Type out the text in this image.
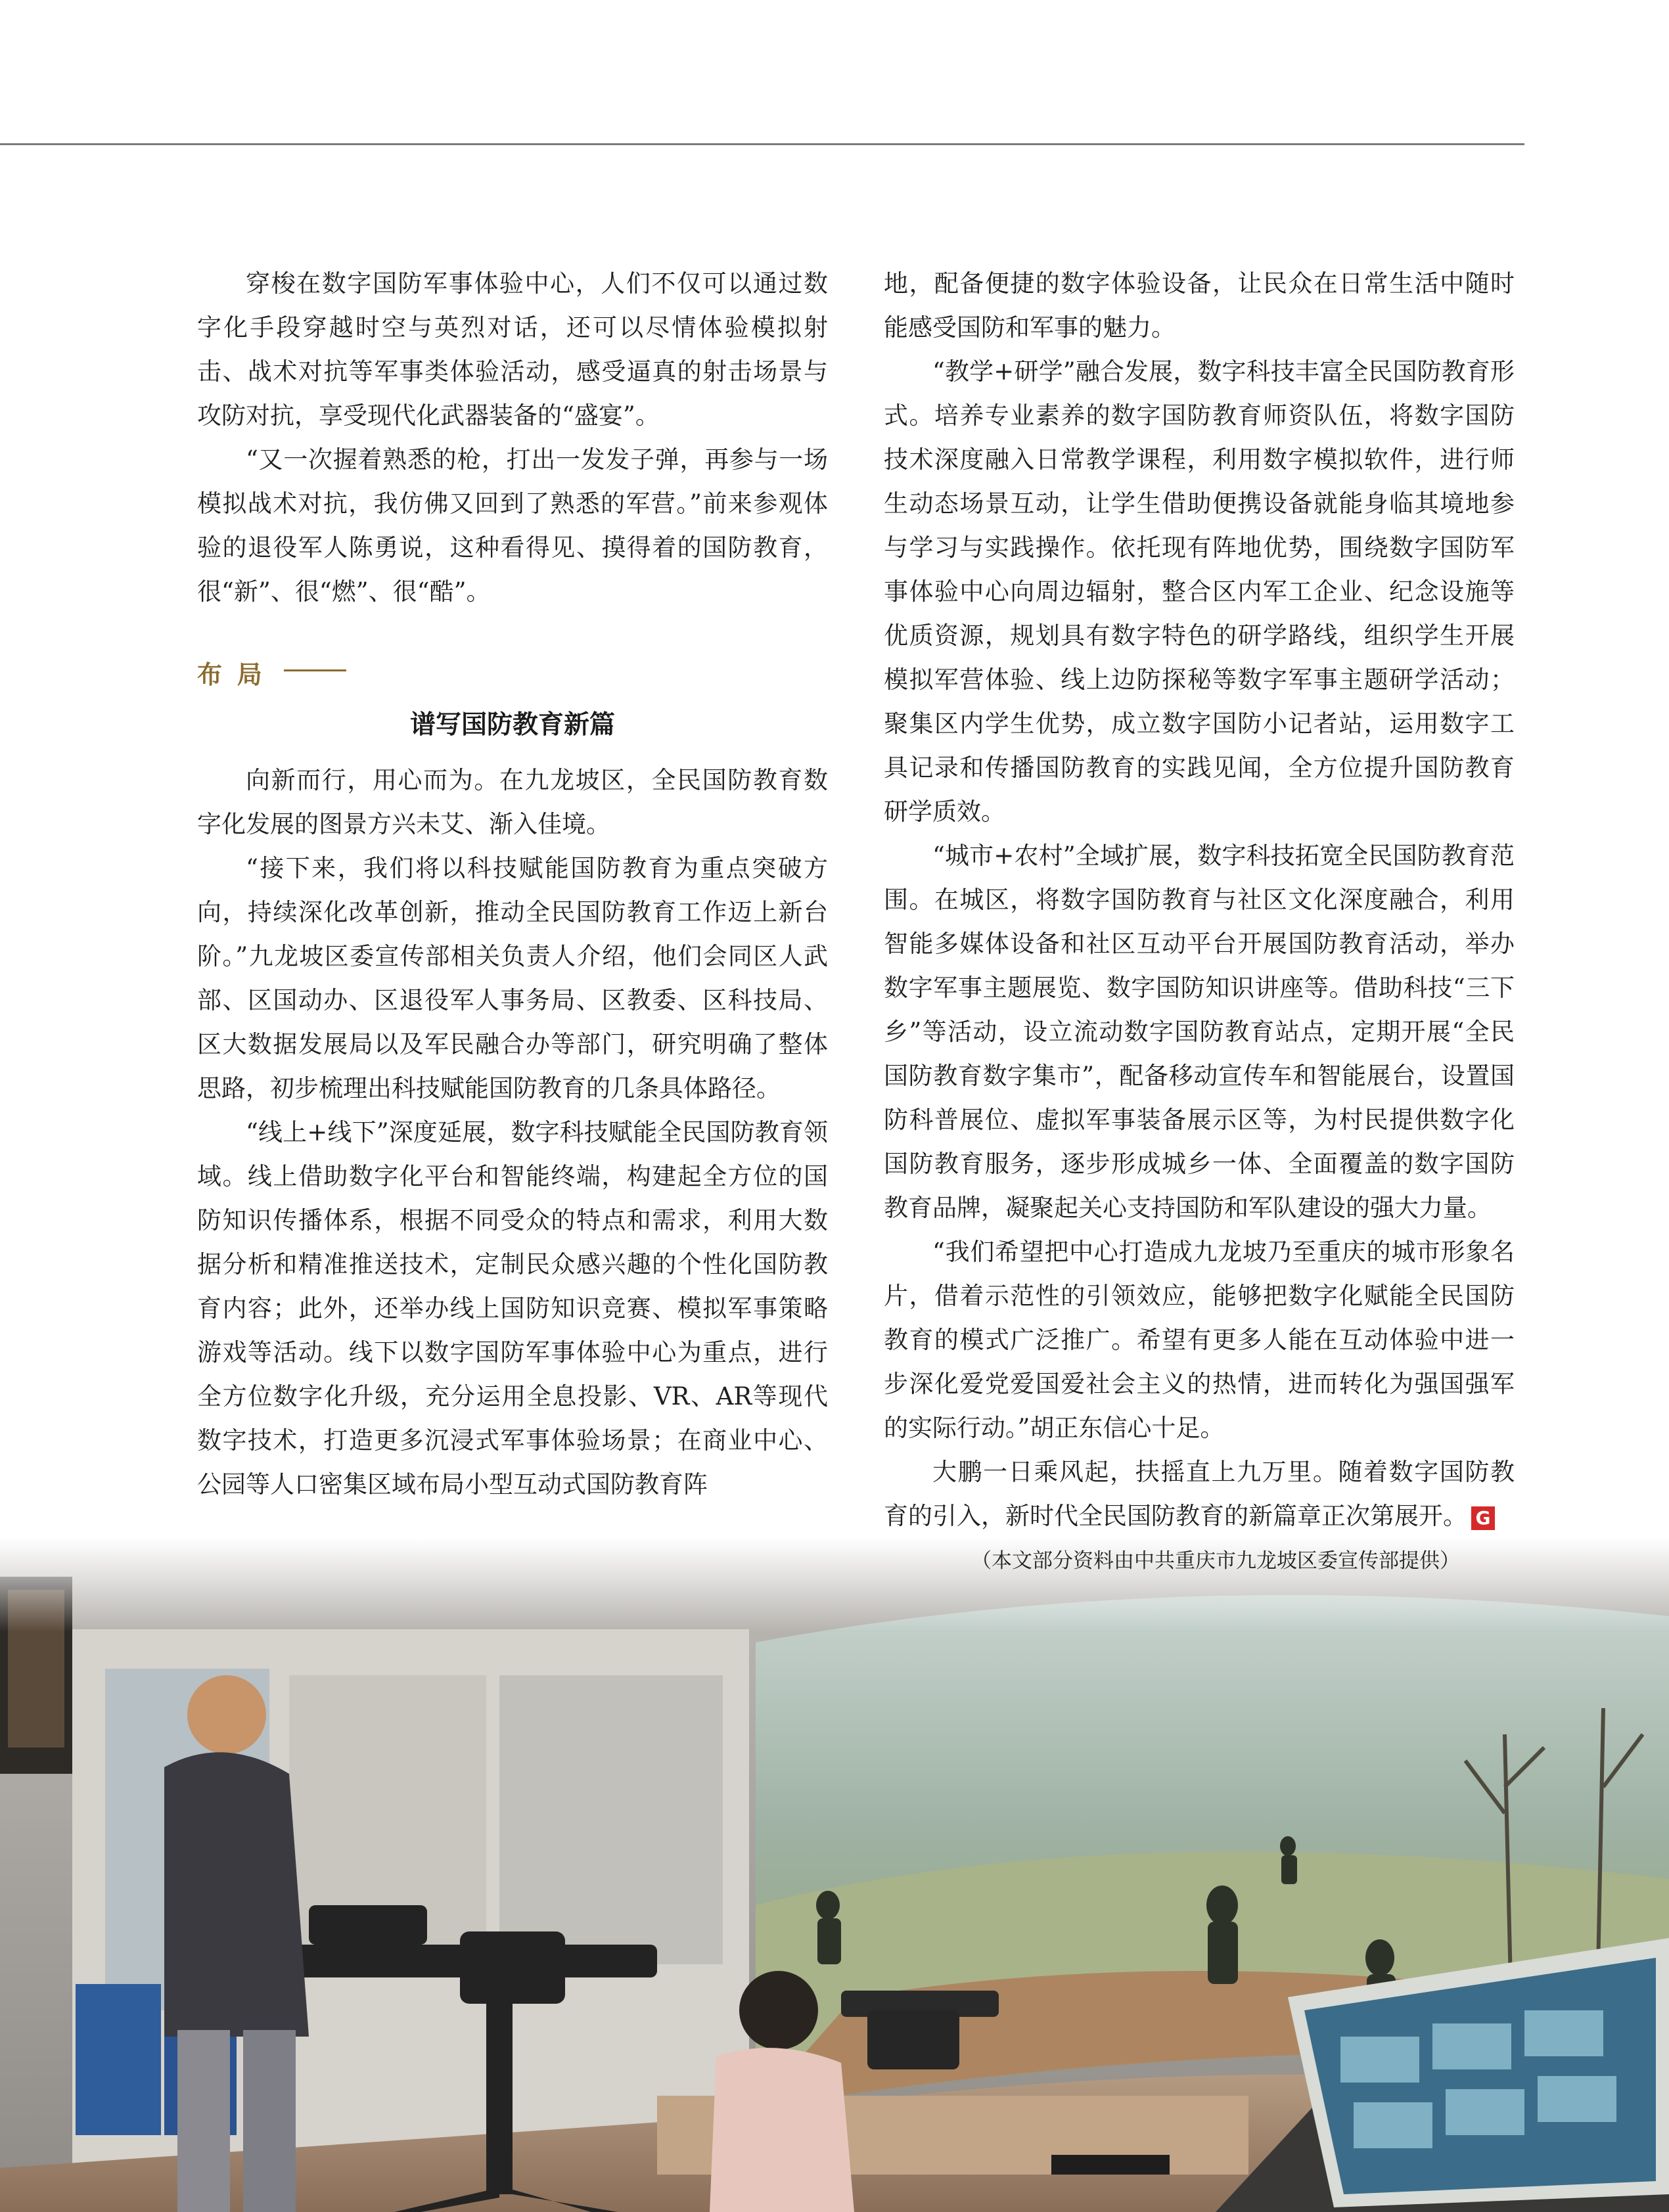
穿梭在数字国防军事体验中心，人们不仅可以通过数字化手段穿越时空与英烈对话，还可以尽情体验模拟射击、战术对抗等军事类体验活动，感受逼真的射击场景与攻防对抗，享受现代化武器装备的“盛宴”。

“又一次握着熟悉的枪，打出一发发子弹，再参与一场模拟战术对抗，我仿佛又回到了熟悉的军营。”前来参观体验的退役军人陈勇说，这种看得见、摸得着的国防教育，很“新”、很“燃”、很“酷”。

布局
谱写国防教育新篇

向新而行，用心而为。在九龙坡区，全民国防教育数字化发展的图景方兴未艾、渐入佳境。

“接下来，我们将以科技赋能国防教育为重点突破方向，持续深化改革创新，推动全民国防教育工作迈上新台阶。”九龙坡区委宣传部相关负责人介绍，他们会同区人武部、区国动办、区退役军人事务局、区教委、区科技局、区大数据发展局以及军民融合办等部门，研究明确了整体思路，初步梳理出科技赋能国防教育的几条具体路径。

“线上+线下”深度延展，数字科技赋能全民国防教育领域。线上借助数字化平台和智能终端，构建起全方位的国防知识传播体系，根据不同受众的特点和需求，利用大数据分析和精准推送技术，定制民众感兴趣的个性化国防教育内容；此外，还举办线上国防知识竞赛、模拟军事策略游戏等活动。线下以数字国防军事体验中心为重点，进行全方位数字化升级，充分运用全息投影、VR、AR等现代数字技术，打造更多沉浸式军事体验场景；在商业中心、公园等人口密集区域布局小型互动式国防教育阵

地，配备便捷的数字体验设备，让民众在日常生活中随时能感受国防和军事的魅力。

“教学+研学”融合发展，数字科技丰富全民国防教育形式。培养专业素养的数字国防教育师资队伍，将数字国防技术深度融入日常教学课程，利用数字模拟软件，进行师生动态场景互动，让学生借助便携设备就能身临其境地参与学习与实践操作。依托现有阵地优势，围绕数字国防军事体验中心向周边辐射，整合区内军工企业、纪念设施等优质资源，规划具有数字特色的研学路线，组织学生开展模拟军营体验、线上边防探秘等数字军事主题研学活动；聚集区内学生优势，成立数字国防小记者站，运用数字工具记录和传播国防教育的实践见闻，全方位提升国防教育研学质效。

“城市+农村”全域扩展，数字科技拓宽全民国防教育范围。在城区，将数字国防教育与社区文化深度融合，利用智能多媒体设备和社区互动平台开展国防教育活动，举办数字军事主题展览、数字国防知识讲座等。借助科技“三下乡”等活动，设立流动数字国防教育站点，定期开展“全民国防教育数字集市”，配备移动宣传车和智能展台，设置国防科普展位、虚拟军事装备展示区等，为村民提供数字化国防教育服务，逐步形成城乡一体、全面覆盖的数字国防教育品牌，凝聚起关心支持国防和军队建设的强大力量。

“我们希望把中心打造成九龙坡乃至重庆的城市形象名片，借着示范性的引领效应，能够把数字化赋能全民国防教育的模式广泛推广。希望有更多人能在互动体验中进一步深化爱党爱国爱社会主义的热情，进而转化为强国强军的实际行动。”胡正东信心十足。

大鹏一日乘风起，扶摇直上九万里。随着数字国防教育的引入，新时代全民国防教育的新篇章正次第展开。 G

（本文部分资料由中共重庆市九龙坡区委宣传部提供）
